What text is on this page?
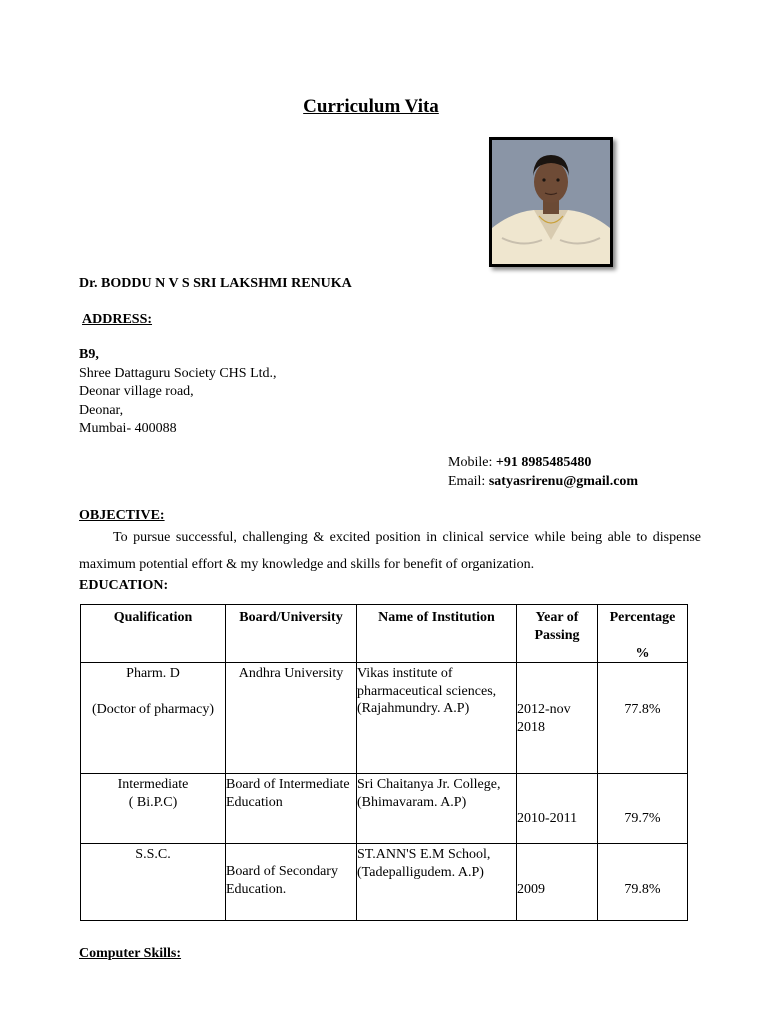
Curriculum Vita
Dr. BODDU N V S SRI LAKSHMI RENUKA
ADDRESS:
B9,
Shree Dattaguru Society CHS Ltd.,
Deonar village road,
Deonar,
Mumbai- 400088
Mobile: +91 8985485480
Email: satyasrirenu@gmail.com
OBJECTIVE:
To pursue successful, challenging & excited position in clinical service while being able to dispense maximum potential effort & my knowledge and skills for benefit of organization.
EDUCATION:
Qualification	Board/University	Name of Institution	Year of Passing	Percentage
%

Pharm. D
(Doctor of pharmacy)	Andhra University	Vikas institute of pharmaceutical sciences, (Rajahmundry. A.P)	2012-nov 2018	77.8%

Intermediate
( Bi.P.C)	Board of Intermediate Education	Sri Chaitanya Jr. College, (Bhimavaram. A.P)	2010-2011	79.7%

S.S.C.	Board of Secondary Education.	ST.ANN'S E.M School, (Tadepalligudem. A.P)	2009	79.8%
Computer Skills:
